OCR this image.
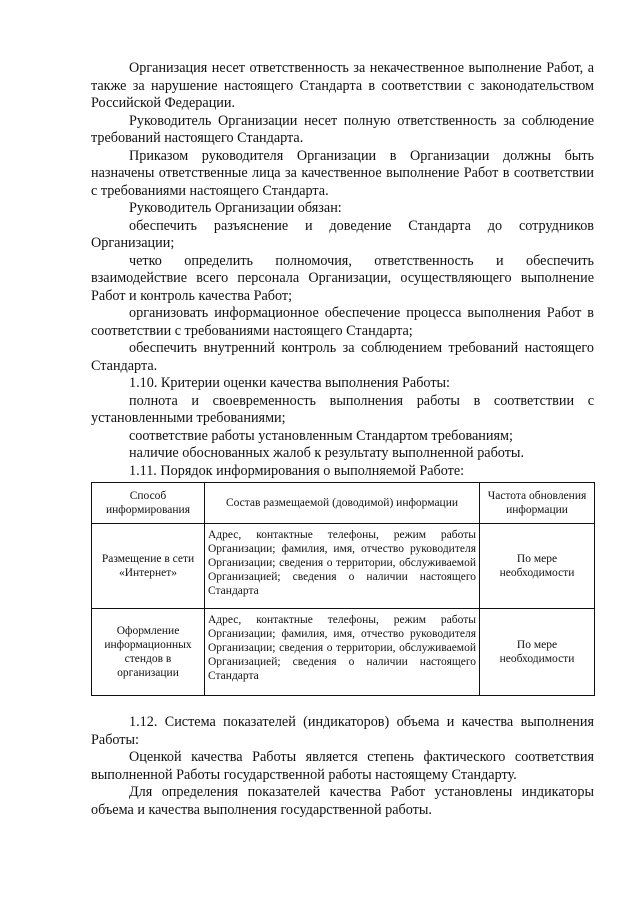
Организация несет ответственность за некачественное выполнение Работ, а также за нарушение настоящего Стандарта в соответствии с законодательством Российской Федерации.

Руководитель Организации несет полную ответственность за соблюдение требований настоящего Стандарта.

Приказом руководителя Организации в Организации должны быть назначены ответственные лица за качественное выполнение Работ в соответствии с требованиями настоящего Стандарта.

Руководитель Организации обязан:

обеспечить разъяснение и доведение Стандарта до сотрудников Организации;

четко определить полномочия, ответственность и обеспечить взаимодействие всего персонала Организации, осуществляющего выполнение Работ и контроль качества Работ;

организовать информационное обеспечение процесса выполнения Работ в соответствии с требованиями настоящего Стандарта;

обеспечить внутренний контроль за соблюдением требований настоящего Стандарта.

1.10. Критерии оценки качества выполнения Работы:

полнота и своевременность выполнения работы в соответствии с установленными требованиями;

соответствие работы установленным Стандартом требованиям;

наличие обоснованных жалоб к результату выполненной работы.

1.11. Порядок информирования о выполняемой Работе:

Способ информирования	Состав размещаемой (доводимой) информации	Частота обновления информации
Размещение в сети «Интернет»	Адрес, контактные телефоны, режим работы Организации; фамилия, имя, отчество руководителя Организации; сведения о территории, обслуживаемой Организацией; сведения о наличии настоящего Стандарта	По мере необходимости
Оформление информационных стендов в организации	Адрес, контактные телефоны, режим работы Организации; фамилия, имя, отчество руководителя Организации; сведения о территории, обслуживаемой Организацией; сведения о наличии настоящего Стандарта	По мере необходимости

1.12. Система показателей (индикаторов) объема и качества выполнения Работы:

Оценкой качества Работы является степень фактического соответствия выполненной Работы государственной работы настоящему Стандарту.

Для определения показателей качества Работ установлены индикаторы объема и качества выполнения государственной работы.
